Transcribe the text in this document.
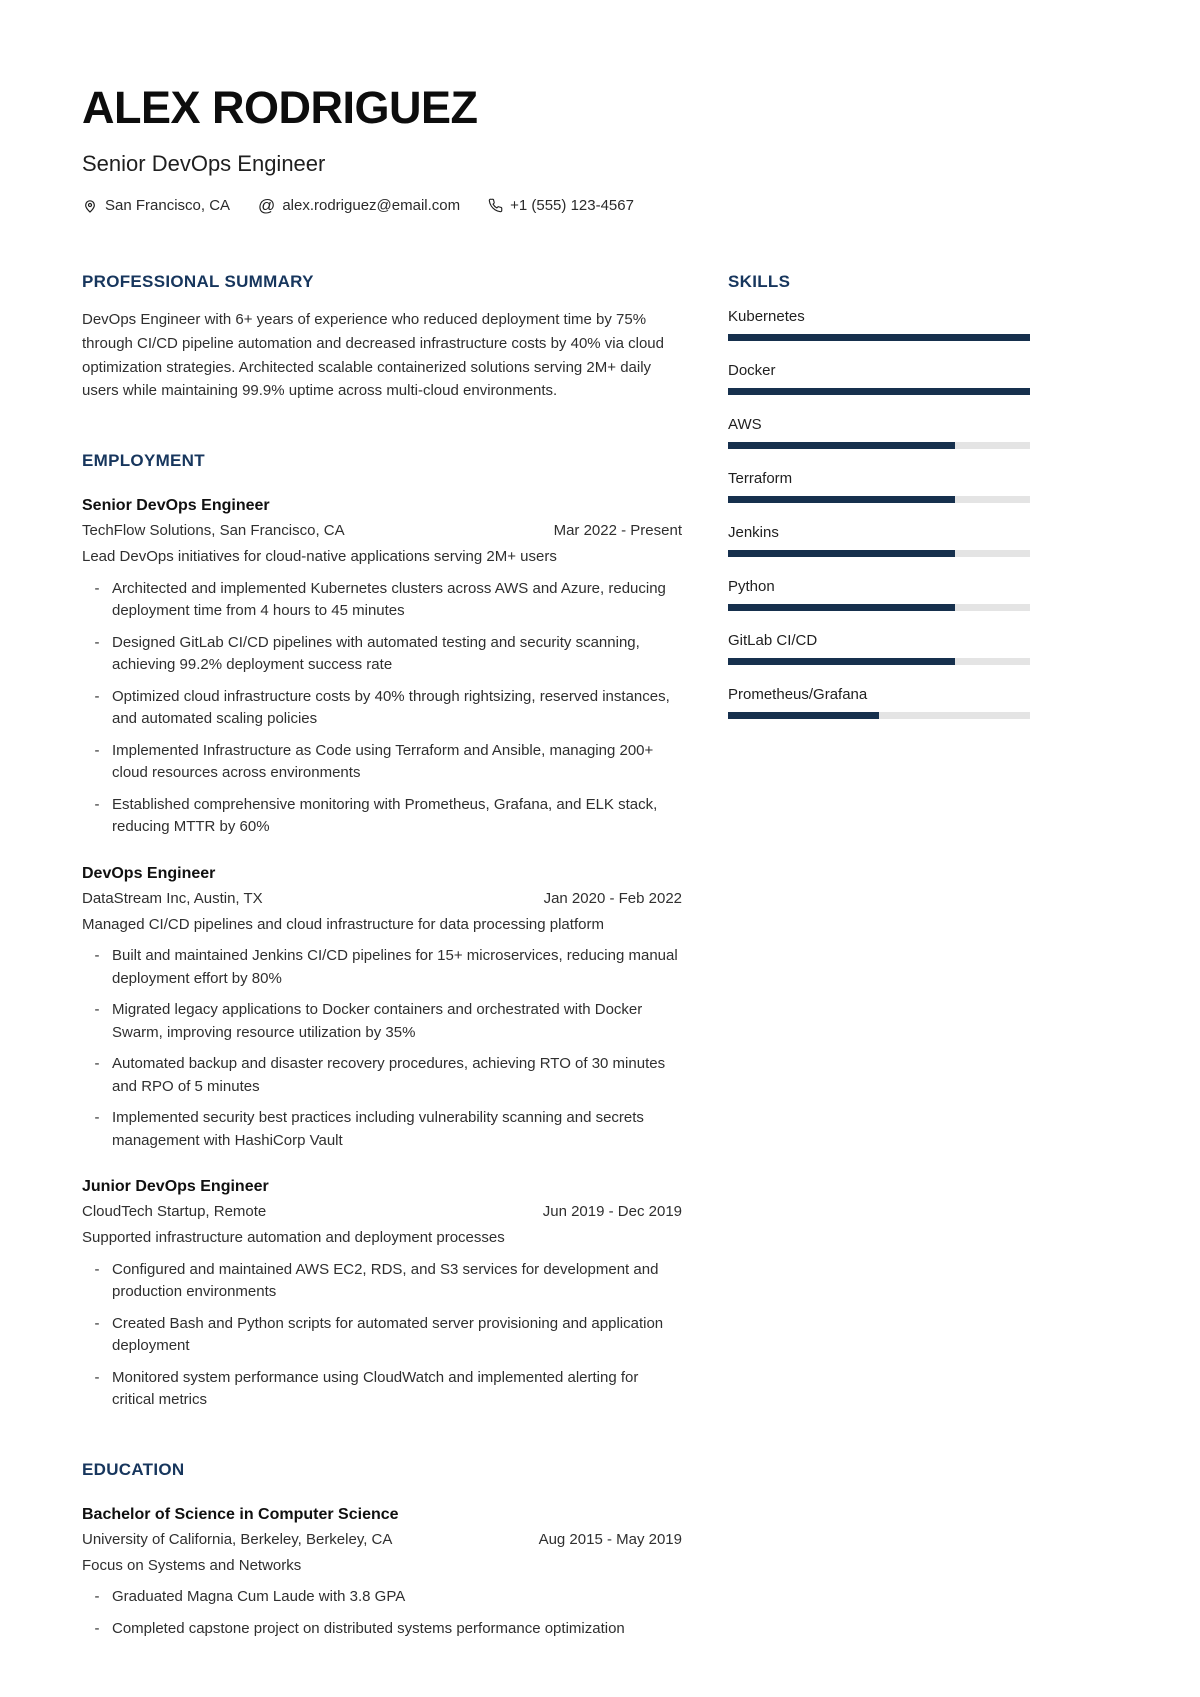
ALEX RODRIGUEZ
Senior DevOps Engineer
San Francisco, CA @ alex.rodriguez@email.com	+1 (555) 123-4567
PROFESSIONAL SUMMARY

DevOps Engineer with 6+ years of experience who reduced deployment time by 75% through CI/CD pipeline automation and decreased infrastructure costs by 40% via cloud optimization strategies. Architected scalable containerized solutions serving 2M+ daily users while maintaining 99.9% uptime across multi-cloud environments.

EMPLOYMENT
Senior DevOps Engineer
TechFlow Solutions, San Francisco, CA	Mar 2022 - Present
Lead DevOps initiatives for cloud-native applications serving 2M+ users
-
Architected and implemented Kubernetes clusters across AWS and Azure, reducing deployment time from 4 hours to 45 minutes
-
Designed GitLab CI/CD pipelines with automated testing and security scanning, achieving 99.2% deployment success rate
-
Optimized cloud infrastructure costs by 40% through rightsizing, reserved instances, and automated scaling policies
-
Implemented Infrastructure as Code using Terraform and Ansible, managing 200+ cloud resources across environments
-
Established comprehensive monitoring with Prometheus, Grafana, and ELK stack, reducing MTTR by 60%
DevOps Engineer
DataStream Inc, Austin, TX	Jan 2020 - Feb 2022
Managed CI/CD pipelines and cloud infrastructure for data processing platform
-
Built and maintained Jenkins CI/CD pipelines for 15+ microservices, reducing manual deployment effort by 80%
-
Migrated legacy applications to Docker containers and orchestrated with Docker Swarm, improving resource utilization by 35%
-
Automated backup and disaster recovery procedures, achieving RTO of 30 minutes and RPO of 5 minutes
-
Implemented security best practices including vulnerability scanning and secrets management with HashiCorp Vault
Junior DevOps Engineer
CloudTech Startup, Remote	Jun 2019 - Dec 2019
Supported infrastructure automation and deployment processes
-
Configured and maintained AWS EC2, RDS, and S3 services for development and production environments
-
Created Bash and Python scripts for automated server provisioning and application deployment
-
Monitored system performance using CloudWatch and implemented alerting for critical metrics
EDUCATION
Bachelor of Science in Computer Science
University of California, Berkeley, Berkeley, CA	Aug 2015 - May 2019
Focus on Systems and Networks
-
Graduated Magna Cum Laude with 3.8 GPA
-
Completed capstone project on distributed systems performance optimization
SKILLS
Kubernetes
Docker
AWS
Terraform
Jenkins
Python
GitLab CI/CD
Prometheus/Grafana
